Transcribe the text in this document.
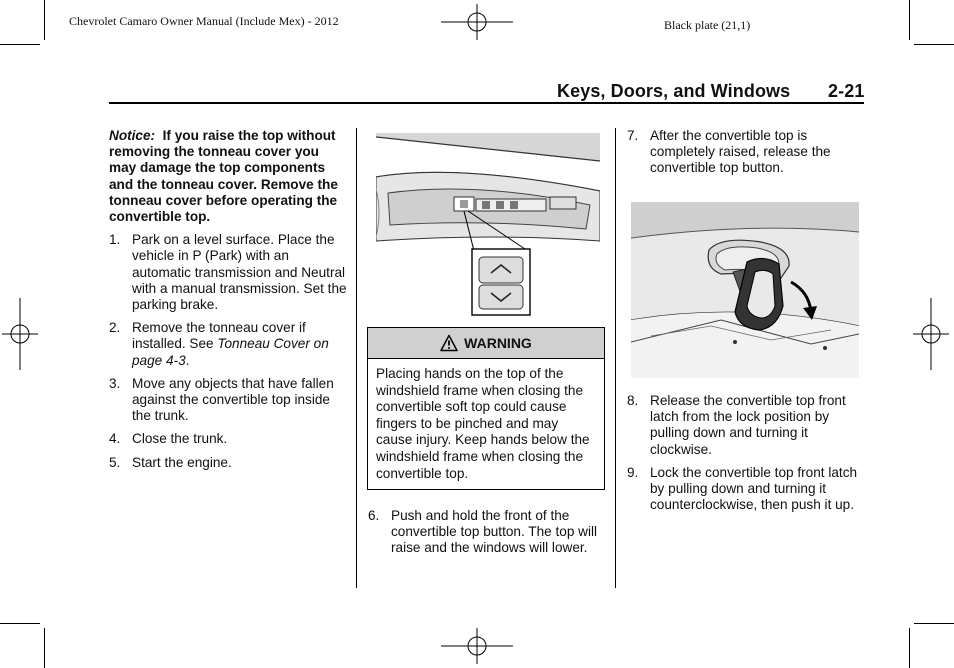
Chevrolet Camaro Owner Manual (Include Mex) - 2012	Black plate (21,1)
Keys, Doors, and Windows 2-21

Notice: If you raise the top without removing the tonneau cover you may damage the top components and the tonneau cover. Remove the tonneau cover before operating the convertible top.

1. Park on a level surface. Place the vehicle in P (Park) with an automatic transmission and Neutral with a manual transmission. Set the parking brake.
2. Remove the tonneau cover if installed. See Tonneau Cover on page 4-3.
3. Move any objects that have fallen against the convertible top inside the trunk.
4. Close the trunk.
5. Start the engine.
WARNING
Placing hands on the top of the windshield frame when closing the convertible soft top could cause fingers to be pinched and may cause injury. Keep hands below the windshield frame when closing the convertible top.
6. Push and hold the front of the convertible top button. The top will raise and the windows will lower.
7. After the convertible top is completely raised, release the convertible top button.
8. Release the convertible top front latch from the lock position by pulling down and turning it clockwise.
9. Lock the convertible top front latch by pulling down and turning it counterclockwise, then push it up.
